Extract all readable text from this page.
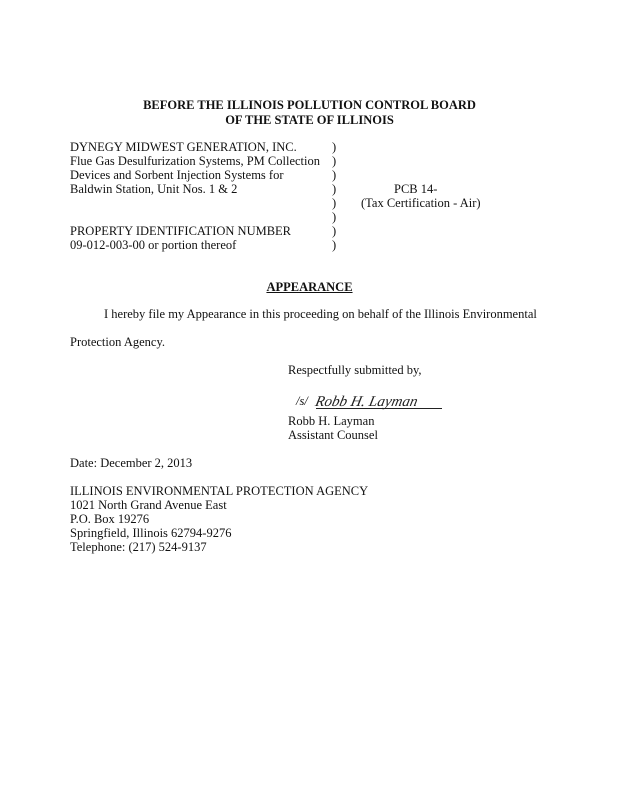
BEFORE THE ILLINOIS POLLUTION CONTROL BOARD
OF THE STATE OF ILLINOIS
DYNEGY MIDWEST GENERATION, INC.
Flue Gas Desulfurization Systems, PM Collection
Devices and Sorbent Injection Systems for
Baldwin Station, Unit Nos. 1 & 2
PROPERTY IDENTIFICATION NUMBER
09-012-003-00 or portion thereof
)
)
)
)
)
)
)
)
PCB 14-
(Tax Certification - Air)
APPEARANCE
I hereby file my Appearance in this proceeding on behalf of the Illinois Environmental
Protection Agency.
Respectfully submitted by,
/s/ Robb H. Layman
Robb H. Layman
Assistant Counsel
Date: December 2, 2013
ILLINOIS ENVIRONMENTAL PROTECTION AGENCY
1021 North Grand Avenue East
P.O. Box 19276
Springfield, Illinois 62794-9276
Telephone: (217) 524-9137
